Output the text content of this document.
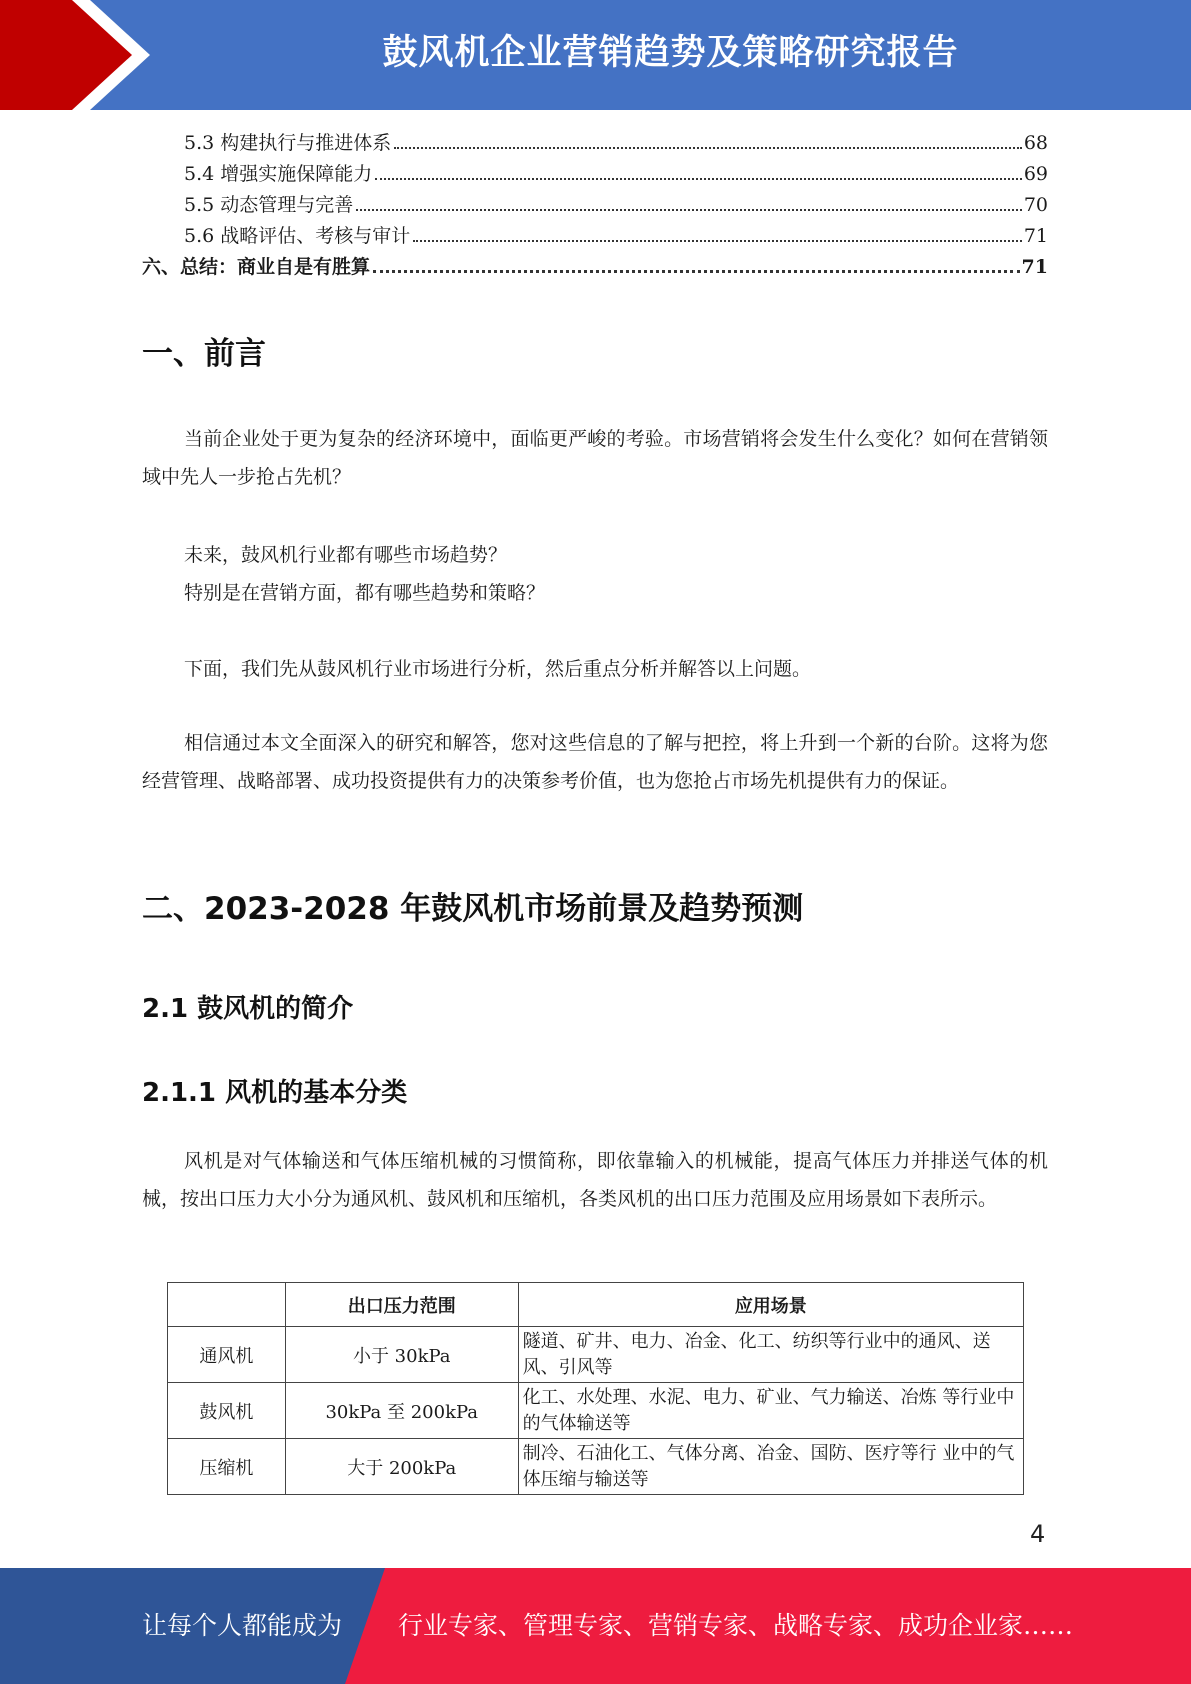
鼓风机企业营销趋势及策略研究报告
5.3 构建执行与推进体系	68
5.4 增强实施保障能力	69
5.5 动态管理与完善	70
5.6 战略评估、考核与审计	71
六、总结：商业自是有胜算	71
一、前言
当前企业处于更为复杂的经济环境中，面临更严峻的考验。市场营销将会发生什么变化？如何在营销领域中先人一步抢占先机？
未来，鼓风机行业都有哪些市场趋势？
特别是在营销方面，都有哪些趋势和策略？
下面，我们先从鼓风机行业市场进行分析，然后重点分析并解答以上问题。
相信通过本文全面深入的研究和解答，您对这些信息的了解与把控，将上升到一个新的台阶。这将为您经营管理、战略部署、成功投资提供有力的决策参考价值，也为您抢占市场先机提供有力的保证。
二、2023-2028 年鼓风机市场前景及趋势预测
2.1 鼓风机的简介
2.1.1 风机的基本分类
风机是对气体输送和气体压缩机械的习惯简称，即依靠输入的机械能，提高气体压力并排送气体的机械，按出口压力大小分为通风机、鼓风机和压缩机，各类风机的出口压力范围及应用场景如下表所示。
	出口压力范围	应用场景
通风机	小于 30kPa	隧道、矿井、电力、冶金、化工、纺织等行业中的通风、送风、引风等
鼓风机	30kPa 至 200kPa	化工、水处理、水泥、电力、矿业、气力输送、冶炼 等行业中的气体输送等
压缩机	大于 200kPa	制冷、石油化工、气体分离、冶金、国防、医疗等行 业中的气体压缩与输送等
4
让每个人都能成为 行业专家、管理专家、营销专家、战略专家、成功企业家……
